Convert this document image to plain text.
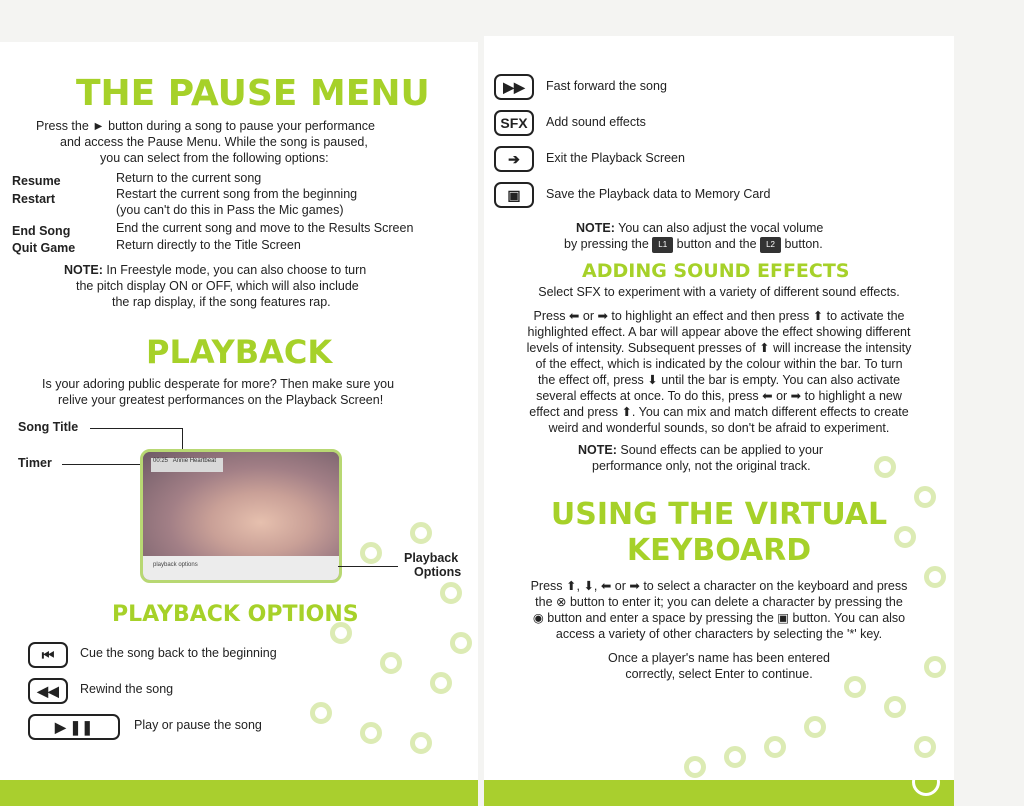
THE PAUSE MENU
Press the ► button during a song to pause your performance
and access the Pause Menu. While the song is paused,
you can select from the following options:
Resume	Return to the current song
Restart	Restart the current song from the beginning
(you can't do this in Pass the Mic games)
End Song	End the current song and move to the Results Screen
Quit Game	Return directly to the Title Screen
NOTE: In Freestyle mode, you can also choose to turn
the pitch display ON or OFF, which will also include
the rap display, if the song features rap.
PLAYBACK
Is your adoring public desperate for more? Then make sure you
relive your greatest performances on the Playback Screen!
Song Title
Timer	00:25 Annie Heartbeat
playback options	Playback
Options
PLAYBACK OPTIONS
⏮	Cue the song back to the beginning
◀◀	Rewind the song
▶ ❚❚	Play or pause the song
▶▶	Fast forward the song
SFX	Add sound effects
➔	Exit the Playback Screen
▣	Save the Playback data to Memory Card
NOTE: You can also adjust the vocal volume
by pressing the L1 button and the L2 button.
ADDING SOUND EFFECTS
Select SFX to experiment with a variety of different sound effects.
Press ⬅ or ➡ to highlight an effect and then press ⬆ to activate the
highlighted effect. A bar will appear above the effect showing different
levels of intensity. Subsequent presses of ⬆ will increase the intensity
of the effect, which is indicated by the colour within the bar. To turn
the effect off, press ⬇ until the bar is empty. You can also activate
several effects at once. To do this, press ⬅ or ➡ to highlight a new
effect and press ⬆. You can mix and match different effects to create
weird and wonderful sounds, so don't be afraid to experiment.
NOTE: Sound effects can be applied to your
performance only, not the original track.
USING THE VIRTUAL
KEYBOARD
Press ⬆, ⬇, ⬅ or ➡ to select a character on the keyboard and press
the ⊗ button to enter it; you can delete a character by pressing the
◉ button and enter a space by pressing the ▣ button. You can also
access a variety of other characters by selecting the '*' key.
Once a player's name has been entered
correctly, select Enter to continue.
